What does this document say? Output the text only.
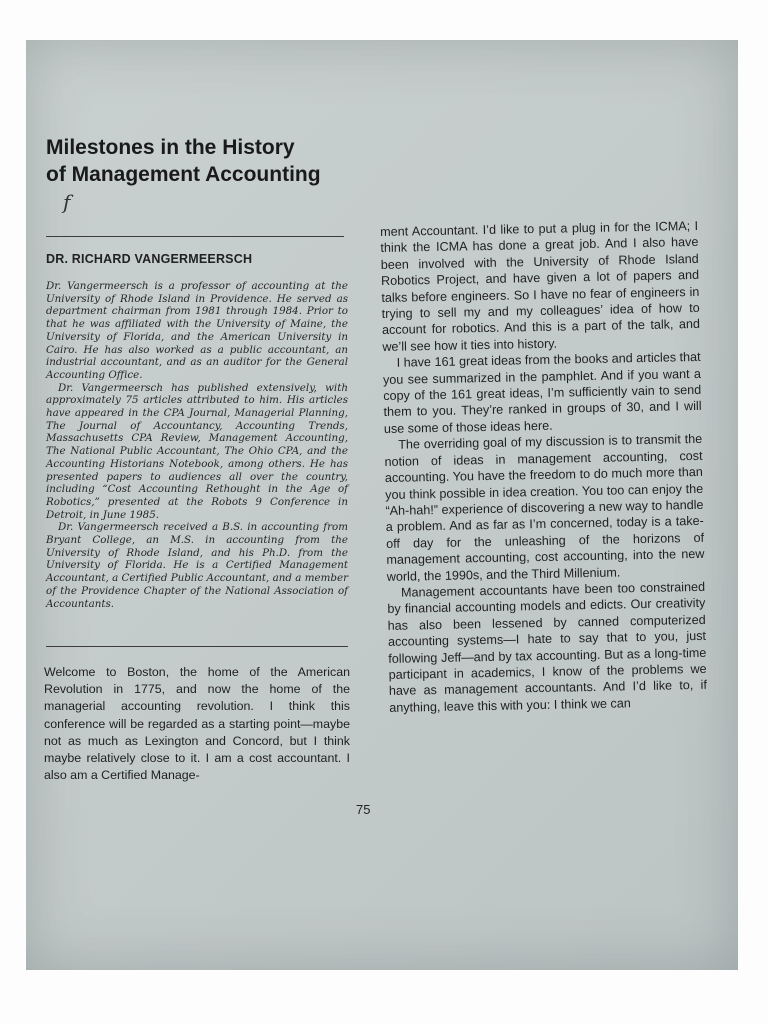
Milestones in the History
of Management Accounting
f
DR. RICHARD VANGERMEERSCH

Dr. Vangermeersch is a professor of accounting at the University of Rhode Island in Providence. He served as department chairman from 1981 through 1984. Prior to that he was affiliated with the University of Maine, the University of Florida, and the American University in Cairo. He has also worked as a public accountant, an industrial accountant, and as an auditor for the General Accounting Office.

Dr. Vangermeersch has published extensively, with approximately 75 articles attributed to him. His articles have appeared in the CPA Journal, Managerial Planning, The Journal of Accountancy, Accounting Trends, Massachusetts CPA Review, Management Accounting, The National Public Accountant, The Ohio CPA, and the Accounting Historians Notebook, among others. He has presented papers to audiences all over the country, including “Cost Accounting Rethought in the Age of Robotics,” presented at the Robots 9 Conference in Detroit, in June 1985.

Dr. Vangermeersch received a B.S. in accounting from Bryant College, an M.S. in accounting from the University of Rhode Island, and his Ph.D. from the University of Florida. He is a Certified Management Accountant, a Certified Public Accountant, and a member of the Providence Chapter of the National Association of Accountants.

Welcome to Boston, the home of the American Revolution in 1775, and now the home of the managerial accounting revolution. I think this conference will be regarded as a starting point—maybe not as much as Lexington and Concord, but I think maybe relatively close to it. I am a cost accountant. I also am a Certified Manage-

ment Accountant. I’d like to put a plug in for the ICMA; I think the ICMA has done a great job. And I also have been involved with the University of Rhode Island Robotics Project, and have given a lot of papers and talks before engineers. So I have no fear of engineers in trying to sell my and my colleagues’ idea of how to account for robotics. And this is a part of the talk, and we’ll see how it ties into history.

I have 161 great ideas from the books and articles that you see summarized in the pamphlet. And if you want a copy of the 161 great ideas, I’m sufficiently vain to send them to you. They’re ranked in groups of 30, and I will use some of those ideas here.

The overriding goal of my discussion is to transmit the notion of ideas in management accounting, cost accounting. You have the freedom to do much more than you think possible in idea creation. You too can enjoy the “Ah-hah!” experience of discovering a new way to handle a problem. And as far as I’m concerned, today is a take-off day for the unleashing of the horizons of management accounting, cost accounting, into the new world, the 1990s, and the Third Millenium.

Management accountants have been too constrained by financial accounting models and edicts. Our creativity has also been lessened by canned computerized accounting systems—I hate to say that to you, just following Jeff—and by tax accounting. But as a long-time participant in academics, I know of the problems we have as management accountants. And I’d like to, if anything, leave this with you: I think we can

75
